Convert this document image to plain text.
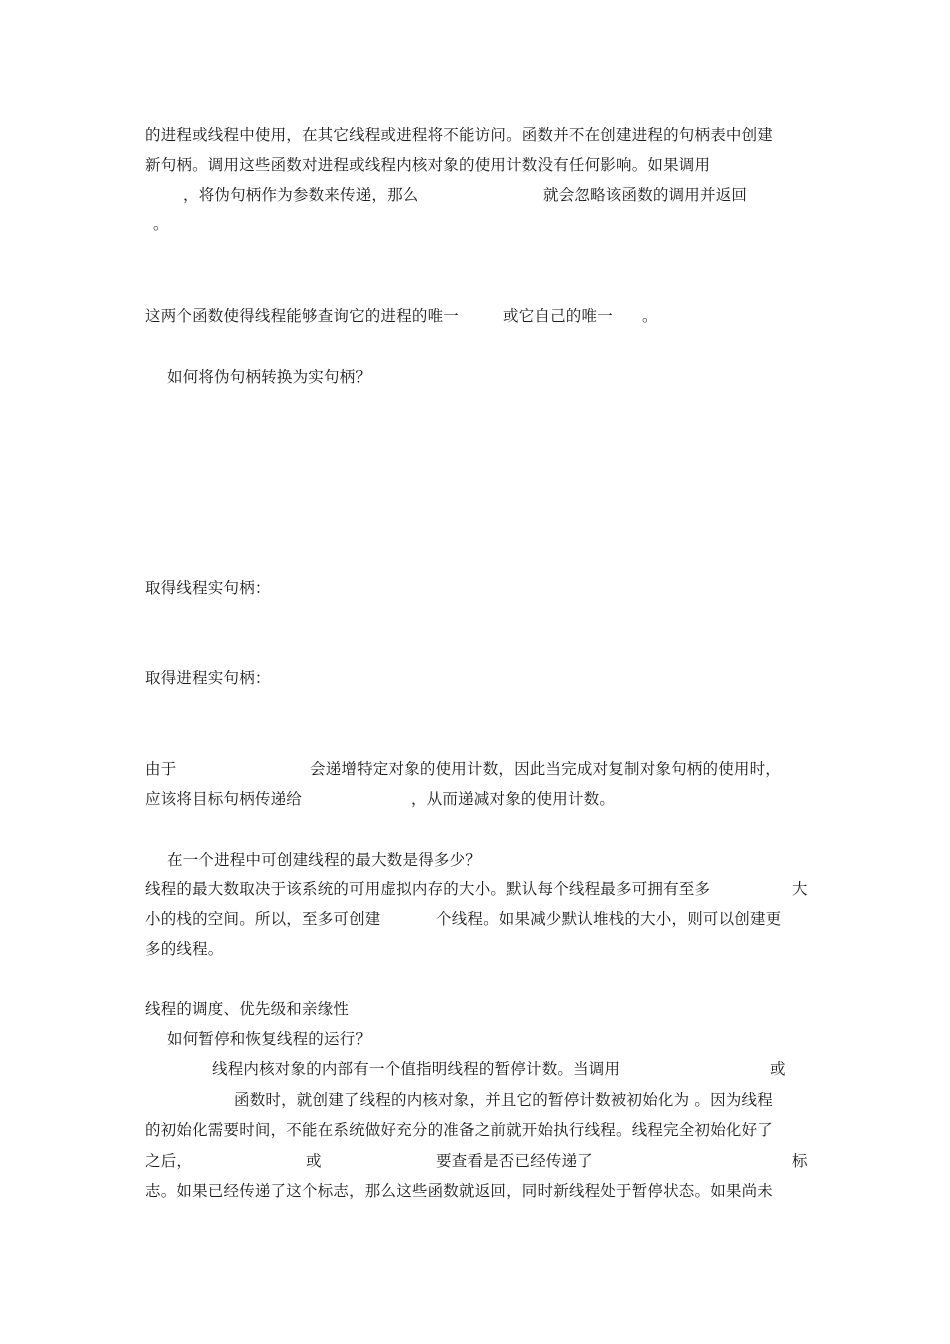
的进程或线程中使用，在其它线程或进程将不能访问。函数并不在创建进程的句柄表中创建
新句柄。调用这些函数对进程或线程内核对象的使用计数没有任何影响。如果调用
，将伪句柄作为参数来传递，那么	就会忽略该函数的调用并返回
。
这两个函数使得线程能够查询它的进程的唯一	或它自己的唯一 。
如何将伪句柄转换为实句柄？
取得线程实句柄：
取得进程实句柄：
由于	会递增特定对象的使用计数，因此当完成对复制对象句柄的使用时，
应该将目标句柄传递给	，从而递减对象的使用计数。
在一个进程中可创建线程的最大数是得多少？
线程的最大数取决于该系统的可用虚拟内存的大小。默认每个线程最多可拥有至多	大
小的栈的空间。所以，至多可创建	个线程。如果减少默认堆栈的大小，则可以创建更
多的线程。
线程的调度、优先级和亲缘性
如何暂停和恢复线程的运行？
线程内核对象的内部有一个值指明线程的暂停计数。当调用	或
函数时，就创建了线程的内核对象，并且它的暂停计数被初始化为 。因为线程
的初始化需要时间，不能在系统做好充分的准备之前就开始执行线程。线程完全初始化好了
之后，	或	要查看是否已经传递了	标
志。如果已经传递了这个标志，那么这些函数就返回，同时新线程处于暂停状态。如果尚未
